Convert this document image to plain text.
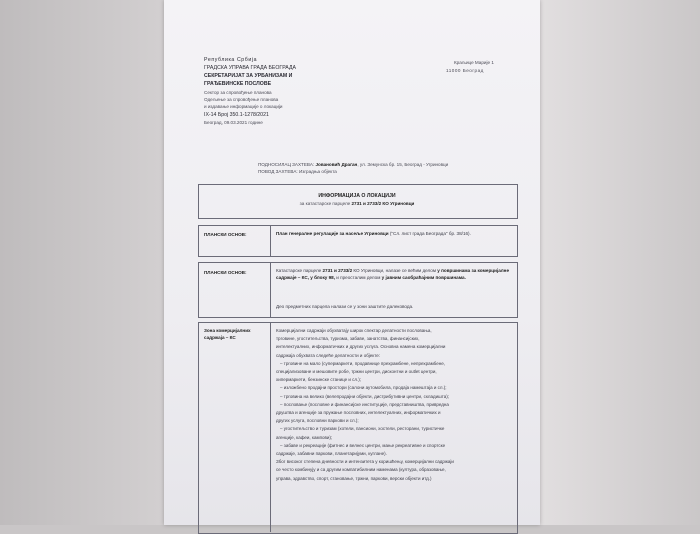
Република Србија
ГРАДСКА УПРАВА ГРАДА БЕОГРАДА
СЕКРЕТАРИЈАТ ЗА УРБАНИЗАМ И
ГРАЂЕВИНСКЕ ПОСЛОВЕ
Сектор за спровођење планова
Одељење за спровођење планова
и издавање информације о локацији
IX-14 Број 350.1-1278/2021
Београд, 09.03.2021 године
Краљице Марије 1
11000 Београд
ПОДНОСИЛАЦ ЗАХТЕВА: Јовановић Драган, ул. Земунска бр. 15, Београд - Угриновци
ПОВОД ЗАХТЕВА: Изградња објекта
ИНФОРМАЦИЈА О ЛОКАЦИЈИ
за катастарске парцеле 2731 и 2733/2 КО Угриновци
ПЛАНСКИ ОСНОВ:	План генералне регулације за насеље Угриновци ("Сл. лист града Београда" бр. 38/16).
ПЛАНСКИ ОСНОВ:	Катастарске парцеле 2731 и 2733/2 КО Угриновци, налазе се већим делом у површинама за комерцијалне садржаје – КС, у блоку 98, и преосталим делом у јавним саобраћајним површинама.
Део предметних парцела налази се у зони заштите далековода.
Зона комерцијалних садржаја – КС
Комерцијални садржаји обухватају широк спектар делатности пословања,
трговине, угоститељства, туризма, забаве, занатства, финансијских,
интелектуалних, информатичких и других услуга. Основна намена комерцијални
садржаја обухвата следеће делатности и објекте:
– трговине на мало (супермаркети, продавнице прехрамбене, непрехрамбене,
специјализоване и мешовите робе, тржни центри, дисконтни и outlet центри,
хипермаркети, бензинске станице и сл.);
– изложбено продајни простори (салони аутомобила, продаја намештаја и сл.);
– трговина на велико (велепродајни објекти, дистрибутивни центри, складишта);
– пословање (пословне и финансијске институције, представништва, привредна
друштва и агенције за пружање пословних, интелектуалних, информатичких и
других услуга, пословни паркови и сл.);
– угоститељство и туризам (хотели, пансиони, хостели, ресторани, туристичке
агенције, кафеи, кампови);
– забаве и рекреације (фитнес и велнес центри, мање рекреативне и спортске
садржаје, забавни паркови, планетаријуми, куглане).
Због високог степена дневности и интензитета у коришћењу, комерцијални садржаји
се често комбинују и са другим компатибилним наменама (култура, образовање,
управа, здравство, спорт, становање, тржни, паркови, верски објекти итд.)
